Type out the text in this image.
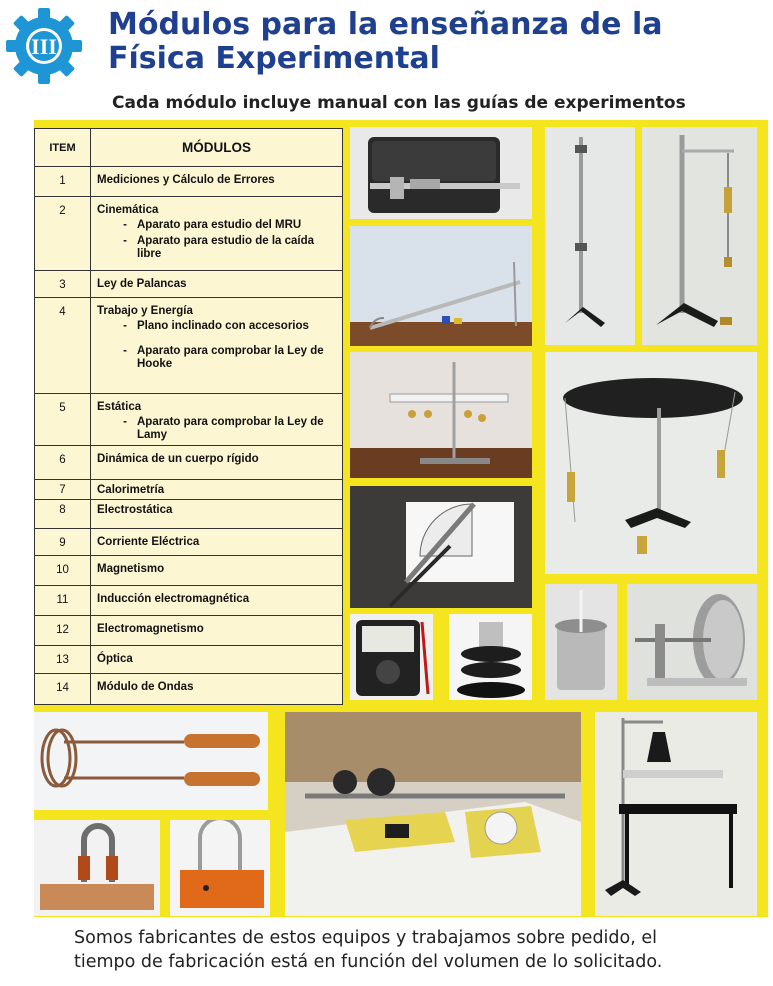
III
Módulos para la enseñanza de la
Física Experimental
Cada módulo incluye manual con las guías de experimentos
ITEM	MÓDULOS
1	Mediciones y Cálculo de Errores
2	Cinemática
- Aparato para estudio del MRU
- Aparato para estudio de la caída libre

3	Ley de Palancas
4	Trabajo y Energía
- Plano inclinado con accesorios
- Aparato para comprobar la Ley de Hooke

5	Estática
- Aparato para comprobar la Ley de Lamy

6	Dinámica de un cuerpo rígido
7	Calorimetría
8	Electrostática
9	Corriente Eléctrica
10	Magnetismo
11	Inducción electromagnética
12	Electromagnetismo
13	Óptica
14	Módulo de Ondas
Somos fabricantes de estos equipos y trabajamos sobre pedido, el
tiempo de fabricación está en función del volumen de lo solicitado.
